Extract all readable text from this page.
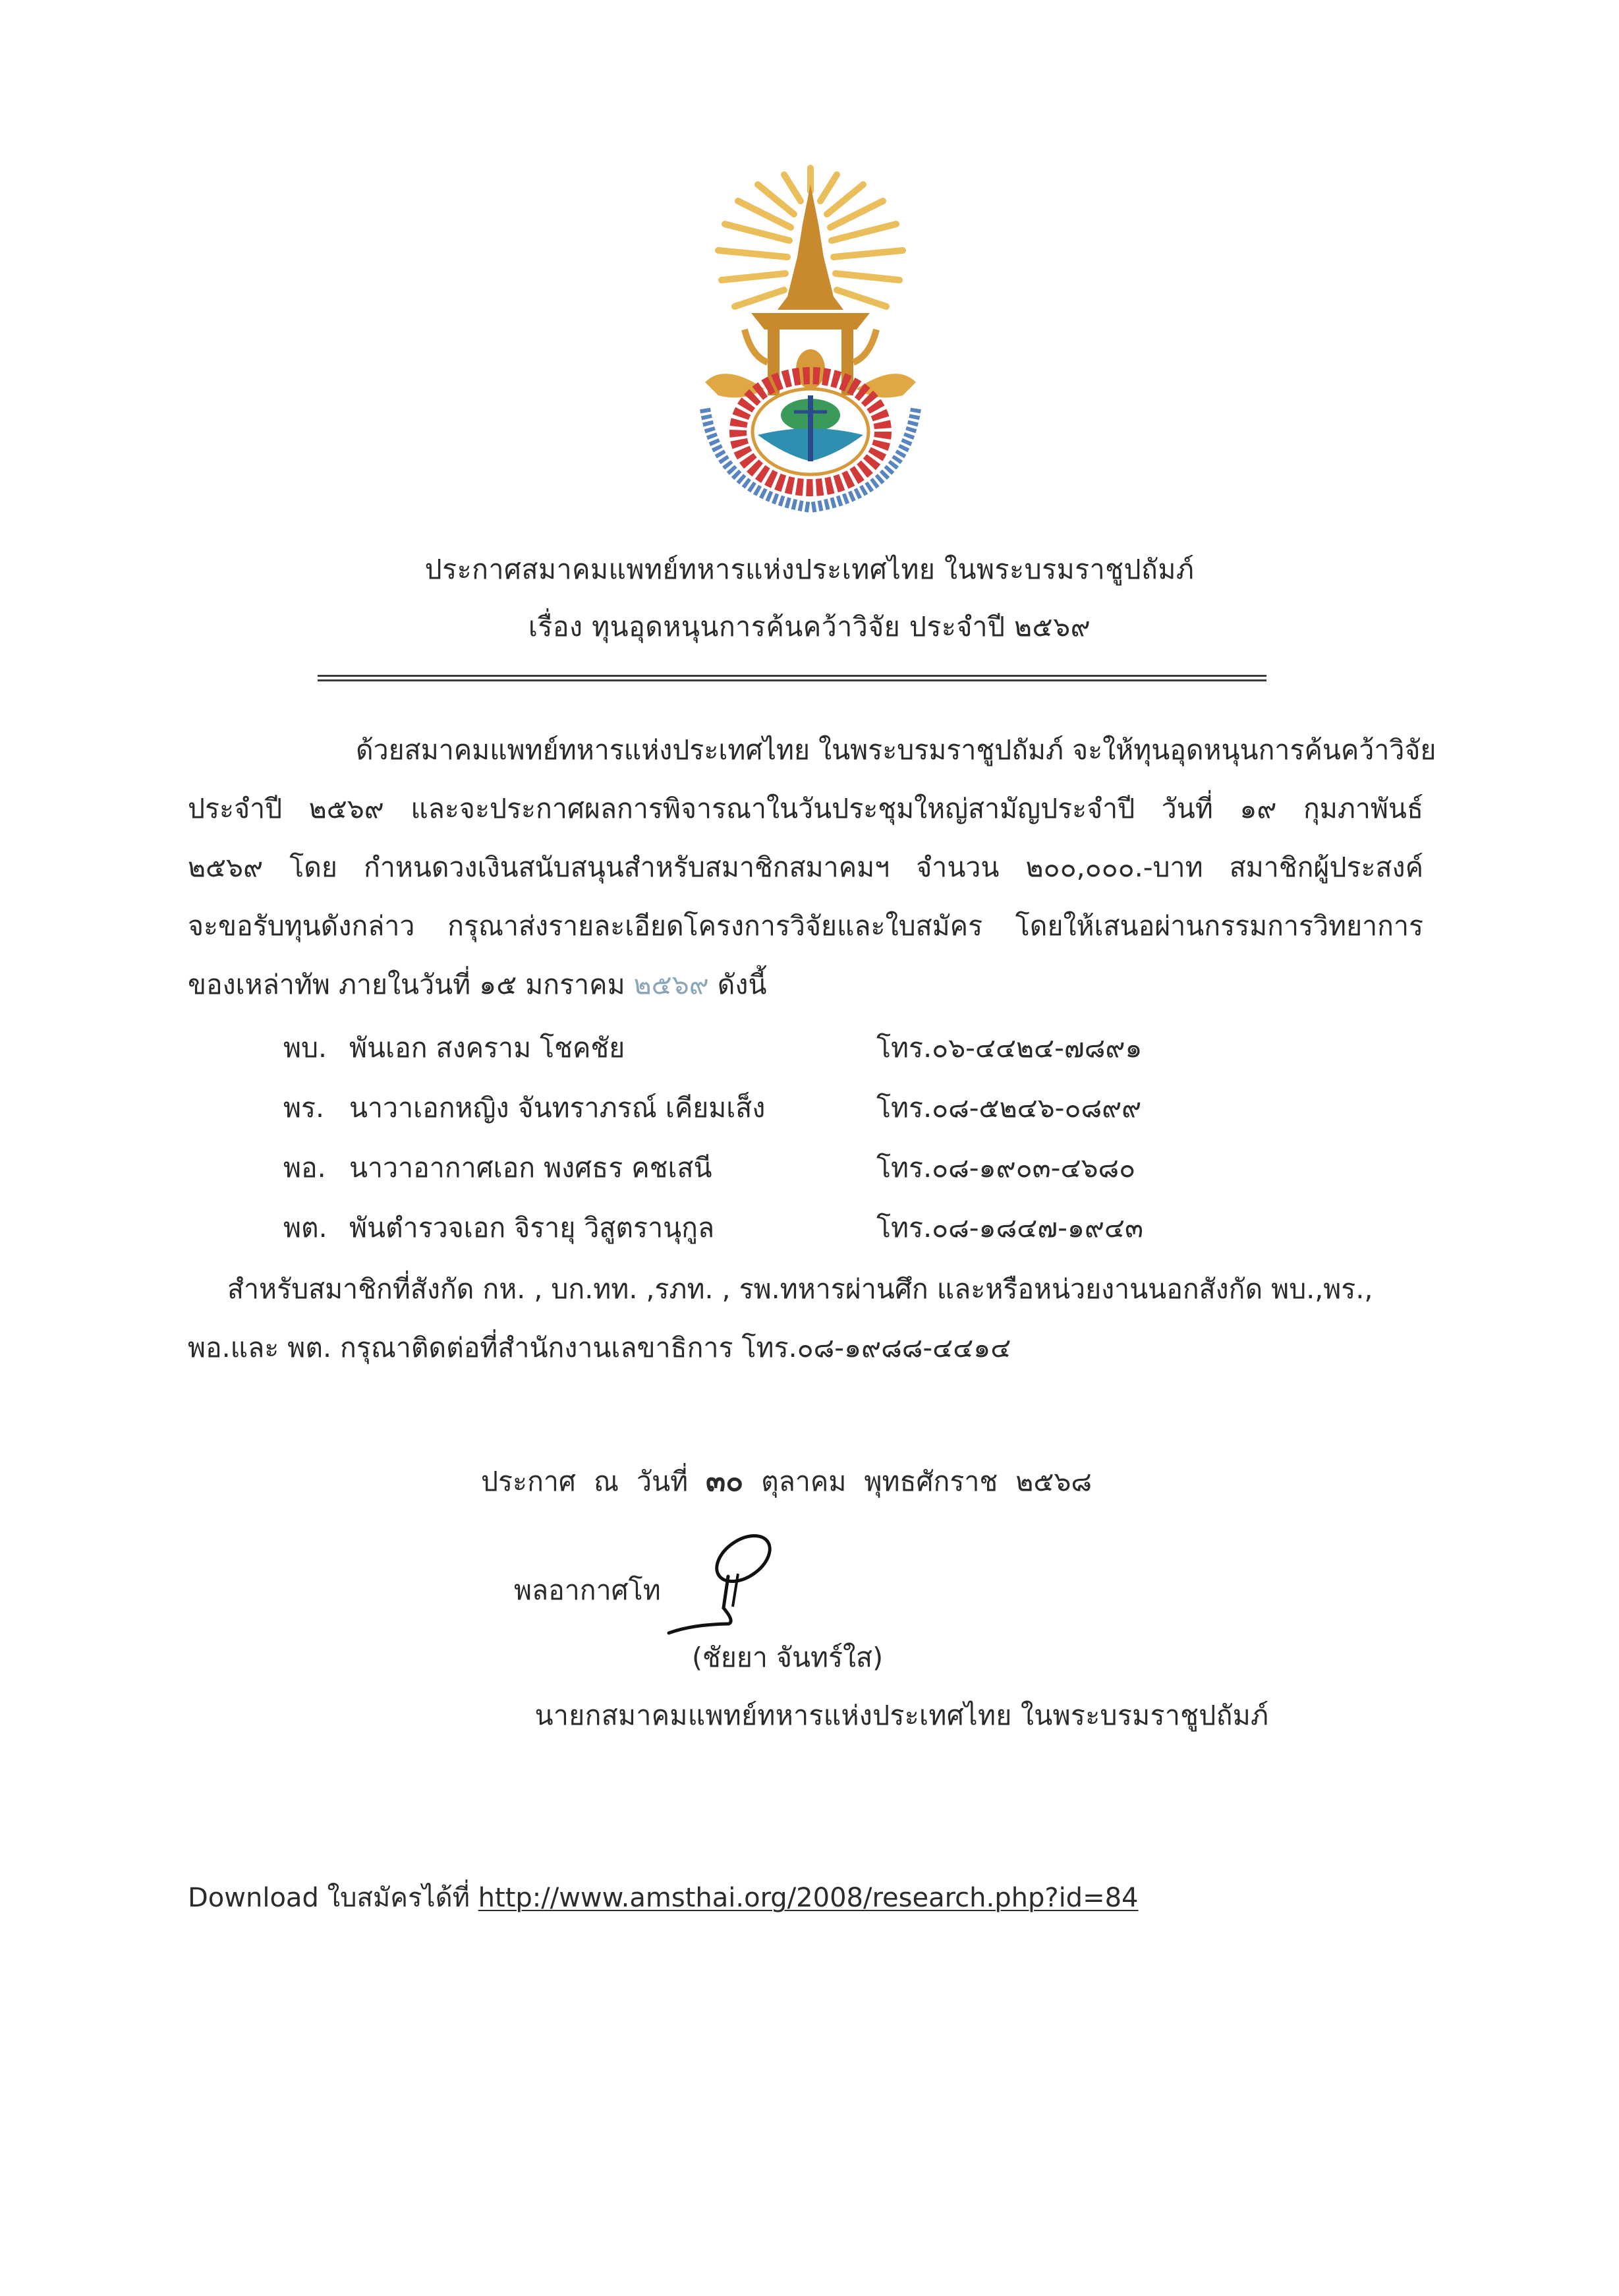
ประกาศสมาคมแพทย์ทหารแห่งประเทศไทย ในพระบรมราชูปถัมภ์
เรื่อง ทุนอุดหนุนการค้นคว้าวิจัย ประจำปี ๒๕๖๙
ด้วยสมาคมแพทย์ทหารแห่งประเทศไทย ในพระบรมราชูปถัมภ์ จะให้ทุนอุดหนุนการค้นคว้าวิจัย
ประจำปี ๒๕๖๙ และจะประกาศผลการพิจารณาในวันประชุมใหญ่สามัญประจำปี วันที่ ๑๙ กุมภาพันธ์
๒๕๖๙ โดย กำหนดวงเงินสนับสนุนสำหรับสมาชิกสมาคมฯ จำนวน ๒๐๐,๐๐๐.-บาท สมาชิกผู้ประสงค์
จะขอรับทุนดังกล่าว กรุณาส่งรายละเอียดโครงการวิจัยและใบสมัคร โดยให้เสนอผ่านกรรมการวิทยาการ
ของเหล่าทัพ ภายในวันที่ ๑๕ มกราคม ๒๕๖๙ ดังนี้
พบ. พันเอก สงคราม โชคชัย	โทร.๐๖-๔๔๒๔-๗๘๙๑
พร. นาวาเอกหญิง จันทราภรณ์ เคียมเส็ง	โทร.๐๘-๕๒๔๖-๐๘๙๙
พอ. นาวาอากาศเอก พงศธร คชเสนี	โทร.๐๘-๑๙๐๓-๔๖๘๐
พต. พันตำรวจเอก จิรายุ วิสูตรานุกูล	โทร.๐๘-๑๘๔๗-๑๙๔๓
สำหรับสมาชิกที่สังกัด กห. , บก.ทท. ,รภท. , รพ.ทหารผ่านศึก และหรือหน่วยงานนอกสังกัด พบ.,พร.,
พอ.และ พต. กรุณาติดต่อที่สำนักงานเลขาธิการ โทร.๐๘-๑๙๘๘-๔๔๑๔
ประกาศ ณ วันที่ ๓๐ ตุลาคม พุทธศักราช ๒๕๖๘
พลอากาศโท
(ชัยยา จันทร์ใส)
นายกสมาคมแพทย์ทหารแห่งประเทศไทย ในพระบรมราชูปถัมภ์
Download ใบสมัครได้ที่ http://www.amsthai.org/2008/research.php?id=84
